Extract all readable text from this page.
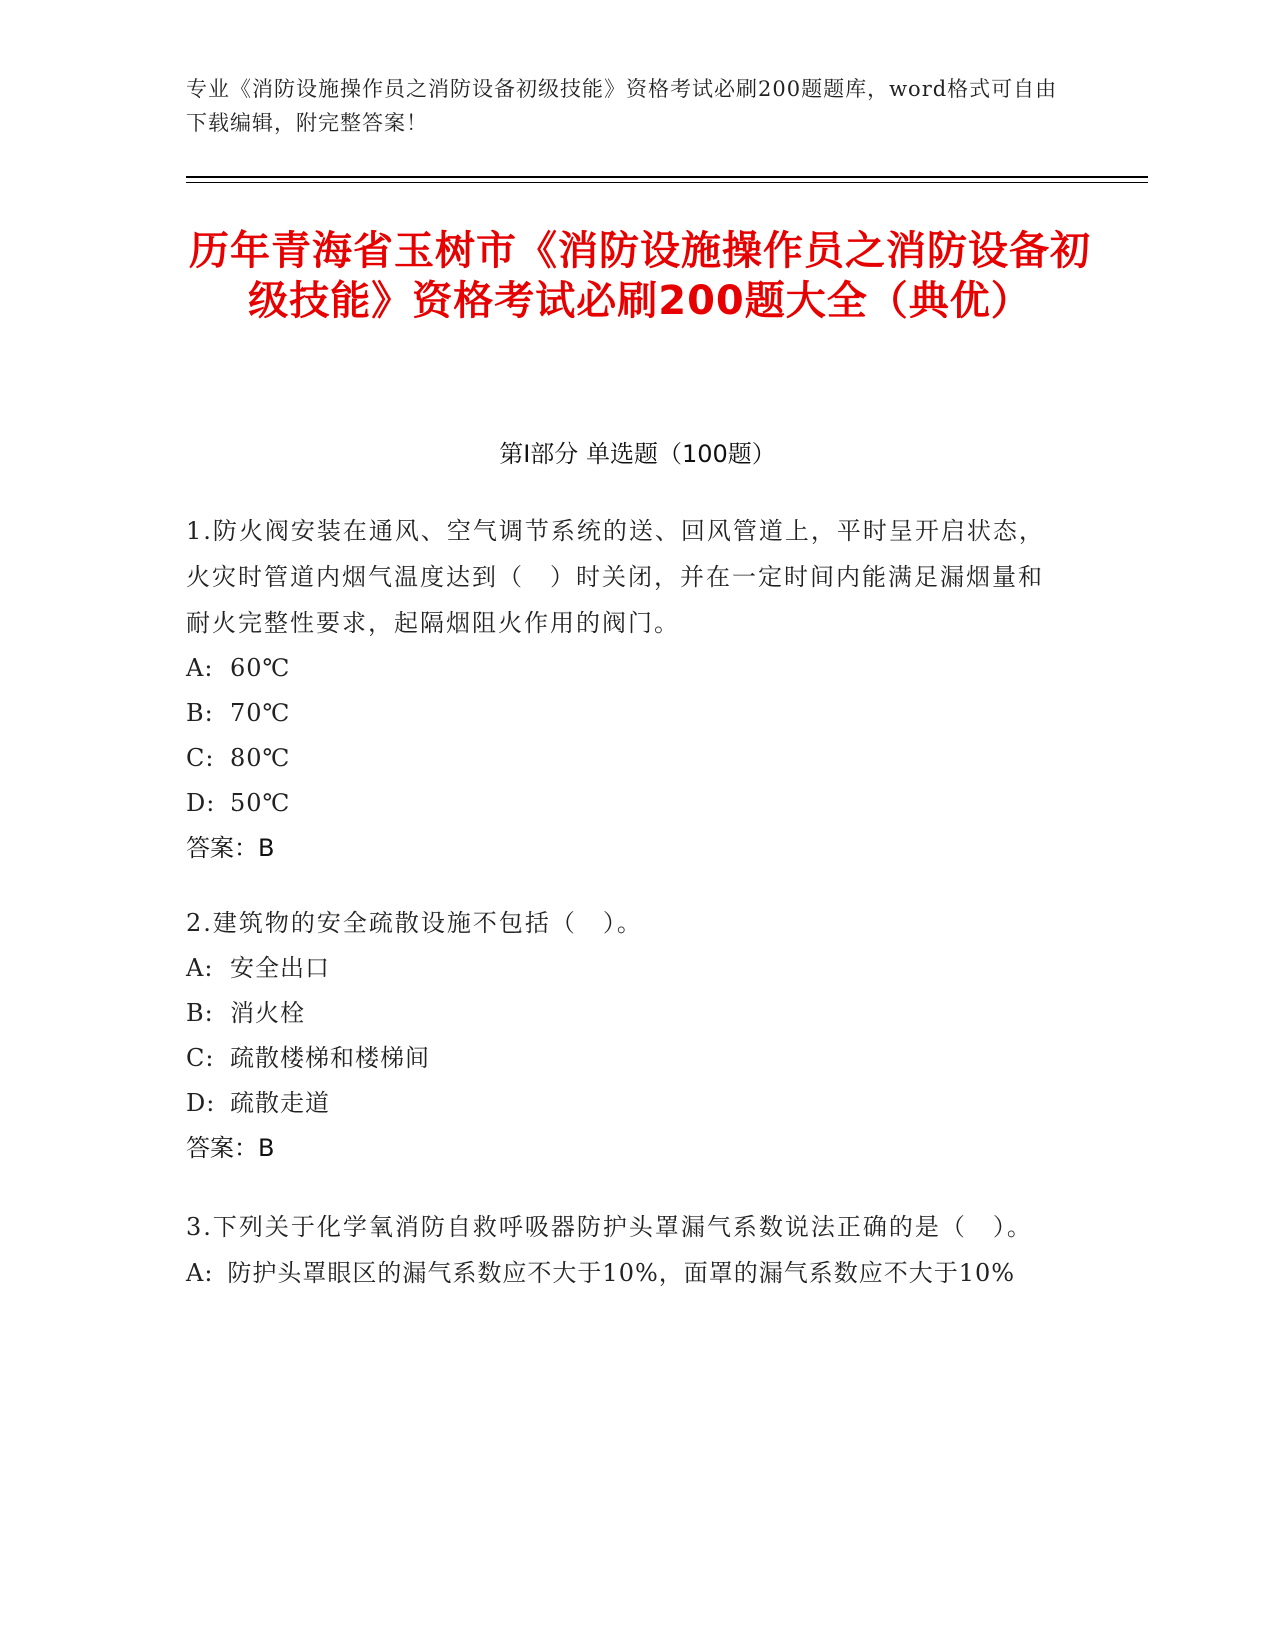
专业《消防设施操作员之消防设备初级技能》资格考试必刷200题题库，word格式可自由下载编辑，附完整答案！
历年青海省玉树市《消防设施操作员之消防设备初级技能》资格考试必刷200题大全（典优）
第Ⅰ部分 单选题（100题）

1.防火阀安装在通风、空气调节系统的送、回风管道上，平时呈开启状态，火灾时管道内烟气温度达到（　）时关闭，并在一定时间内能满足漏烟量和耐火完整性要求，起隔烟阻火作用的阀门。

A: 60℃

B: 70℃

C: 80℃

D: 50℃

答案：B

2.建筑物的安全疏散设施不包括（　）。

A: 安全出口

B: 消火栓

C: 疏散楼梯和楼梯间

D: 疏散走道

答案：B

3.下列关于化学氧消防自救呼吸器防护头罩漏气系数说法正确的是（　）。

A: 防护头罩眼区的漏气系数应不大于10%，面罩的漏气系数应不大于10%
